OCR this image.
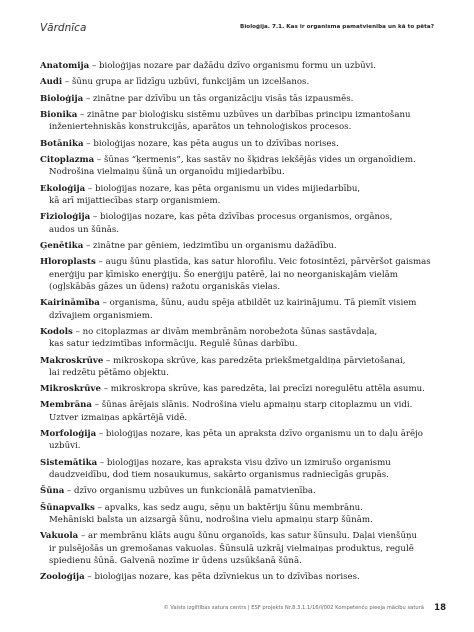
Vārdnīca	Bioloģija. 7.1. Kas ir organisma pamatvienība un kā to pēta?
Anatomija – bioloģijas nozare par dažādu dzīvo organismu formu un uzbūvi.
Audi – šūnu grupa ar līdzīgu uzbūvi, funkcijām un izcelšanos.
Bioloģija – zinātne par dzīvību un tās organizāciju visās tās izpausmēs.
Bionika – zinātne par bioloģisku sistēmu uzbūves un darbības principu izmantošanu
inženiertehniskās konstrukcijās, aparātos un tehnoloģiskos procesos.
Botānika – bioloģijas nozare, kas pēta augus un to dzīvības norises.
Citoplazma – šūnas “ķermenis”, kas sastāv no šķidras iekšējās vides un organoīdiem.
Nodrošina vielmaiņu šūnā un organoīdu mijiedarbību.
Ekoloģija – bioloģijas nozare, kas pēta organismu un vides mijiedarbību,
kā arī mijattiecības starp organismiem.
Fizioloģija – bioloģijas nozare, kas pēta dzīvības procesus organismos, orgānos,
audos un šūnās.
Ģenētika – zinātne par gēniem, iedzimtību un organismu dažādību.
Hloroplasts – augu šūnu plastīda, kas satur hlorofilu. Veic fotosintēzi, pārvēršot gaismas
enerģiju par ķīmisko enerģiju. Šo enerģiju patērē, lai no neorganiskajām vielām (ogļskābās gāzes un ūdens) ražotu organiskās vielas.
Kairināmība – organisma, šūnu, audu spēja atbildēt uz kairinājumu. Tā piemīt visiem
dzīvajiem organismiem.
Kodols – no citoplazmas ar divām membrānām norobežota šūnas sastāvdaļa,
kas satur iedzimtības informāciju. Regulē šūnas darbību.
Makroskrūve – mikroskopa skrūve, kas paredzēta priekšmetgaldiņa pārvietošanai,
lai redzētu pētāmo objektu.
Mikroskrūve – mikroskropa skrūve, kas paredzēta, lai precīzi noregulētu attēla asumu.
Membrāna – šūnas ārējais slānis. Nodrošina vielu apmaiņu starp citoplazmu un vidi.
Uztver izmaiņas apkārtējā vidē.
Morfoloģija – bioloģijas nozare, kas pēta un apraksta dzīvo organismu un to daļu ārējo
uzbūvi.
Sistemātika – bioloģijas nozare, kas apraksta visu dzīvo un izmirušo organismu
daudzveidību, dod tiem nosaukumus, sakārto organismus radniecīgās grupās.
Šūna – dzīvo organismu uzbūves un funkcionālā pamatvienība.
Šūnapvalks – apvalks, kas sedz augu, sēņu un baktēriju šūnu membrānu.
Mehāniski balsta un aizsargā šūnu, nodrošina vielu apmaiņu starp šūnām.
Vakuola – ar membrānu klāts augu šūnu organoīds, kas satur šūnsulu. Daļai vienšūņu
ir pulsējošās un gremošanas vakuolas. Šūnsulā uzkrāj vielmaiņas produktus, regulē spiedienu šūnā. Galvenā nozīme ir ūdens uzsūkšanā šūnā.
Zooloģija – bioloģijas nozare, kas pēta dzīvniekus un to dzīvības norises.
© Valsts izglītības satura centrs | ESF projekts Nr.8.3.1.1/16/I/002 Kompetenču pieeja mācību saturā 18
